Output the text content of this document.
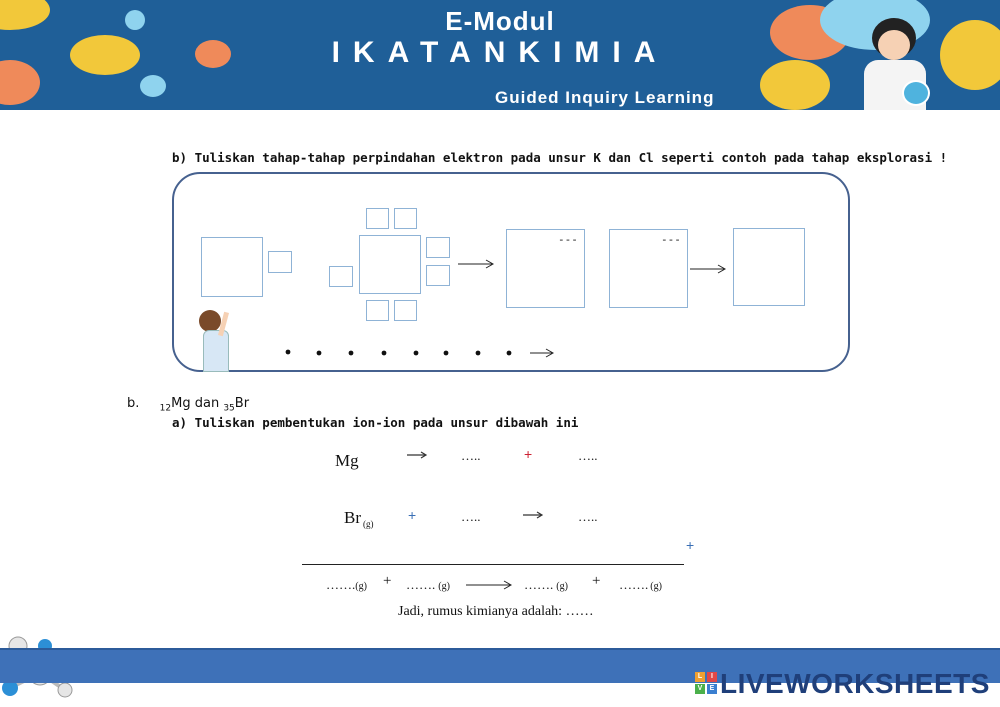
E-Modul
IKATANKIMIA
Guided Inquiry Learning
b) Tuliskan tahap-tahap perpindahan elektron pada unsur K dan Cl seperti contoh pada tahap eksplorasi !
---	---
b. $_{12}$Mg dan $_{35}$Br
a) Tuliskan pembentukan ion-ion pada unsur dibawah ini
Mg	…..	+	…..
Br $_{(g)}$
+	…..	…..
+
…….(g) + ……. (g)	……. (g) + ……. (g)
Jadi, rumus kimianya adalah: ……
L	I
V	E LIVEWORKSHEETS
